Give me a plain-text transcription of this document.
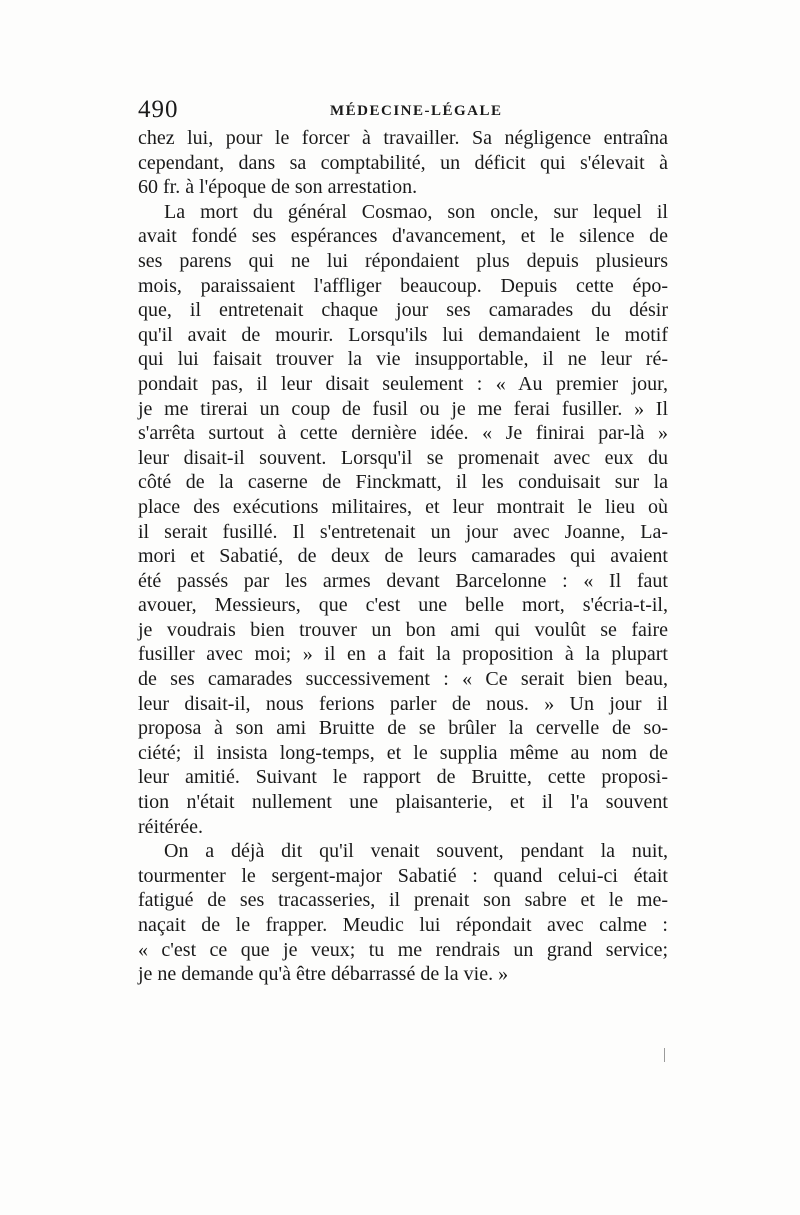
490	MÉDECINE-LÉGALE
chez lui, pour le forcer à travailler. Sa négligence entraîna
cependant, dans sa comptabilité, un déficit qui s'élevait à
60 fr. à l'époque de son arrestation.
La mort du général Cosmao, son oncle, sur lequel il
avait fondé ses espérances d'avancement, et le silence de
ses parens qui ne lui répondaient plus depuis plusieurs
mois, paraissaient l'affliger beaucoup. Depuis cette épo-
que, il entretenait chaque jour ses camarades du désir
qu'il avait de mourir. Lorsqu'ils lui demandaient le motif
qui lui faisait trouver la vie insupportable, il ne leur ré-
pondait pas, il leur disait seulement : « Au premier jour,
je me tirerai un coup de fusil ou je me ferai fusiller. » Il
s'arrêta surtout à cette dernière idée. « Je finirai par-là »
leur disait-il souvent. Lorsqu'il se promenait avec eux du
côté de la caserne de Finckmatt, il les conduisait sur la
place des exécutions militaires, et leur montrait le lieu où
il serait fusillé. Il s'entretenait un jour avec Joanne, La-
mori et Sabatié, de deux de leurs camarades qui avaient
été passés par les armes devant Barcelonne : « Il faut
avouer, Messieurs, que c'est une belle mort, s'écria-t-il,
je voudrais bien trouver un bon ami qui voulût se faire
fusiller avec moi; » il en a fait la proposition à la plupart
de ses camarades successivement : « Ce serait bien beau,
leur disait-il, nous ferions parler de nous. » Un jour il
proposa à son ami Bruitte de se brûler la cervelle de so-
ciété; il insista long-temps, et le supplia même au nom de
leur amitié. Suivant le rapport de Bruitte, cette proposi-
tion n'était nullement une plaisanterie, et il l'a souvent
réitérée.
On a déjà dit qu'il venait souvent, pendant la nuit,
tourmenter le sergent-major Sabatié : quand celui-ci était
fatigué de ses tracasseries, il prenait son sabre et le me-
naçait de le frapper. Meudic lui répondait avec calme :
« c'est ce que je veux; tu me rendrais un grand service;
je ne demande qu'à être débarrassé de la vie. »
